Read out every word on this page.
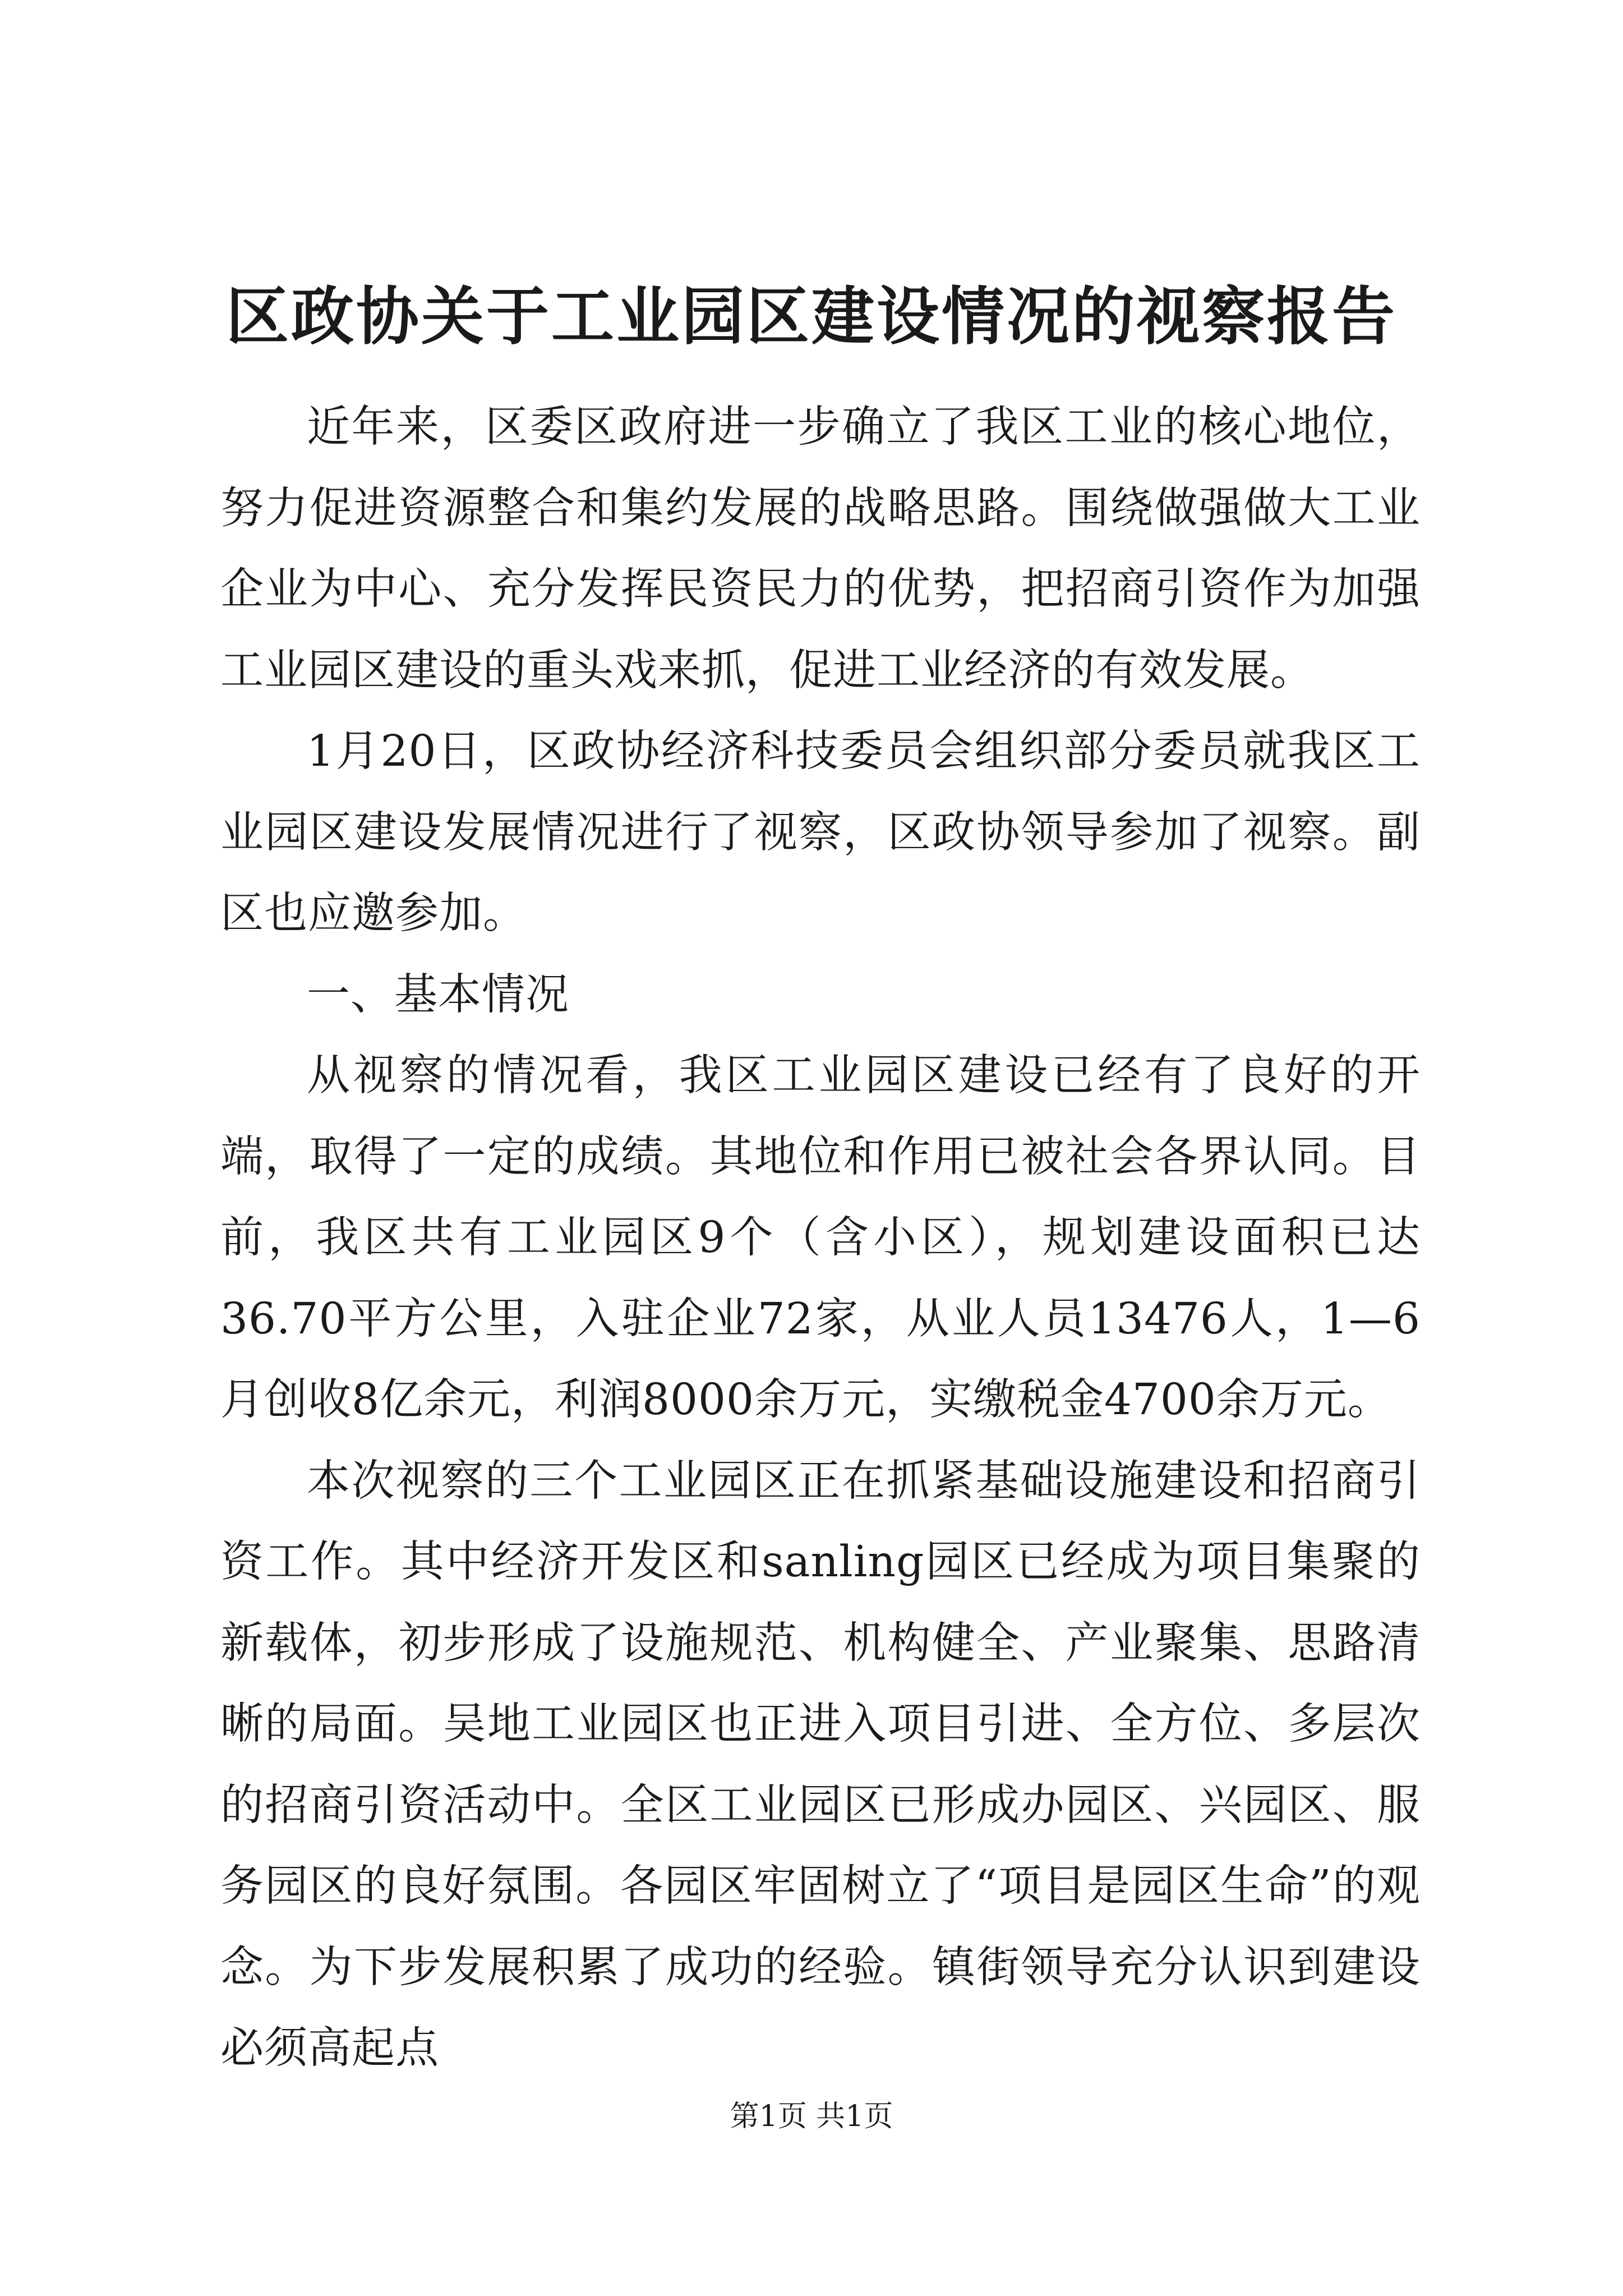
区政协关于工业园区建设情况的视察报告

近年来，区委区政府进一步确立了我区工业的核心地位，努力促进资源整合和集约发展的战略思路。围绕做强做大工业企业为中心、充分发挥民资民力的优势，把招商引资作为加强工业园区建设的重头戏来抓，促进工业经济的有效发展。

1月20日，区政协经济科技委员会组织部分委员就我区工业园区建设发展情况进行了视察，区政协领导参加了视察。副区也应邀参加。

一、基本情况

从视察的情况看，我区工业园区建设已经有了良好的开端，取得了一定的成绩。其地位和作用已被社会各界认同。目前，我区共有工业园区9个（含小区），规划建设面积已达36.70平方公里，入驻企业72家，从业人员13476人，1—6月创收8亿余元，利润8000余万元，实缴税金4700余万元。

本次视察的三个工业园区正在抓紧基础设施建设和招商引资工作。其中经济开发区和sanling园区已经成为项目集聚的新载体，初步形成了设施规范、机构健全、产业聚集、思路清晰的局面。吴地工业园区也正进入项目引进、全方位、多层次的招商引资活动中。全区工业园区已形成办园区、兴园区、服务园区的良好氛围。各园区牢固树立了“项目是园区生命”的观念。为下步发展积累了成功的经验。镇街领导充分认识到建设必须高起点

第1页 共1页
